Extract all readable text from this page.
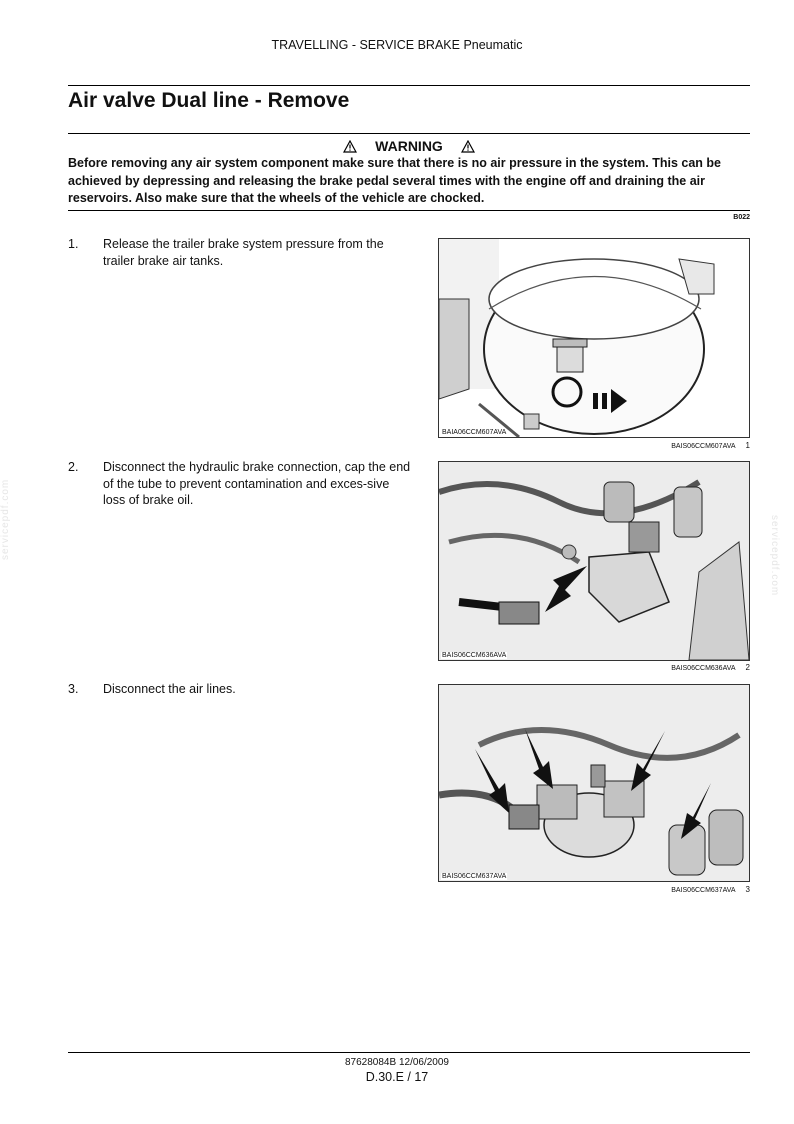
TRAVELLING - SERVICE BRAKE Pneumatic
Air valve Dual line - Remove
WARNING
Before removing any air system component make sure that there is no air pressure in the system. This can be achieved by depressing and releasing the brake pedal several times with the engine off and draining the air reservoirs. Also make sure that the wheels of the vehicle are chocked.
B022
1. Release the trailer brake system pressure from the trailer brake air tanks.
2. Disconnect the hydraulic brake connection, cap the end of the tube to prevent contamination and exces-sive loss of brake oil.
3. Disconnect the air lines.
BAIA06CCM607AVA
BAIS06CCM607AVA 1
BAIS06CCM636AVA
BAIS06CCM636AVA 2
BAIS06CCM637AVA
BAIS06CCM637AVA 3
servicepdf.com	servicepdf.com
87628084B 12/06/2009
D.30.E / 17
